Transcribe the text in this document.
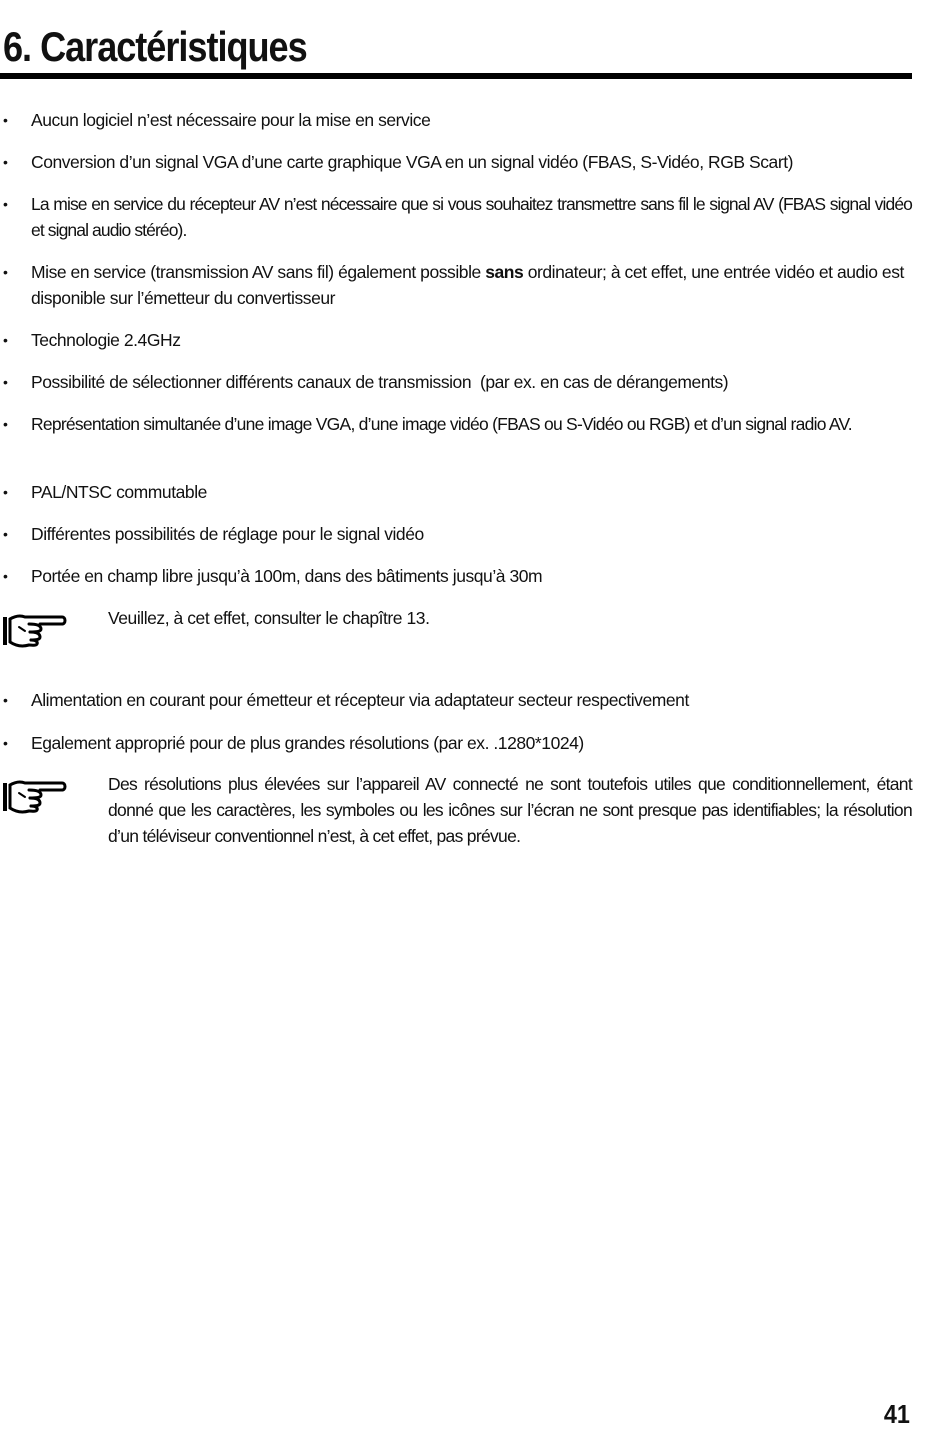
6. Caractéristiques
• Aucun logiciel n’est nécessaire pour la mise en service
• Conversion d’un signal VGA d’une carte graphique VGA en un signal vidéo (FBAS, S-Vidéo, RGB Scart)
• La mise en service du récepteur AV n’est nécessaire que si vous souhaitez transmettre sans fil le signal AV (FBAS signal vidéo et signal audio stéréo).
• Mise en service (transmission AV sans fil) également possible sans ordinateur; à cet effet, une entrée vidéo et audio est disponible sur l’émetteur du convertisseur
• Technologie 2.4GHz
• Possibilité de sélectionner différents canaux de transmission  (par ex. en cas de dérangements)
• Représentation simultanée d’une image VGA, d’une image vidéo (FBAS ou S-Vidéo ou RGB) et d’un signal radio AV.
• PAL/NTSC commutable
• Différentes possibilités de réglage pour le signal vidéo
• Portée en champ libre jusqu’à 100m, dans des bâtiments jusqu’à 30m
Veuillez, à cet effet, consulter le chapître 13.
• Alimentation en courant pour émetteur et récepteur via adaptateur secteur respectivement
• Egalement approprié pour de plus grandes résolutions (par ex. .1280*1024)
Des résolutions plus élevées sur l’appareil AV connecté ne sont toutefois utiles que conditionnellement, étant donné que les caractères, les symboles ou les icônes sur l’écran ne sont presque pas identifiables; la résolution d’un téléviseur conventionnel n’est, à cet effet, pas prévue.
41
